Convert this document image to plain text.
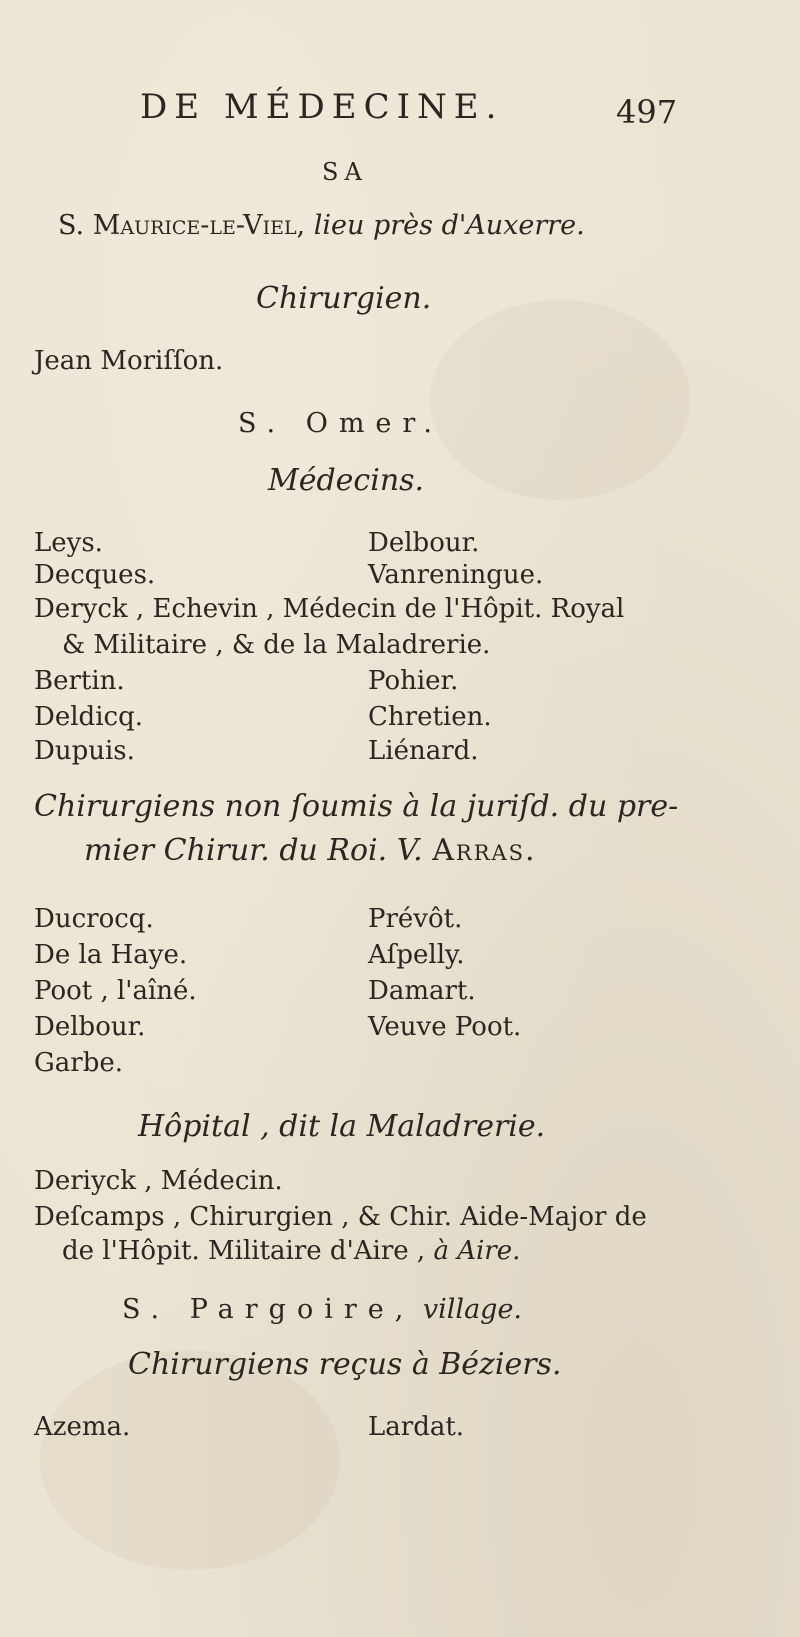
DE MÉDECINE.	497
SA
S. Maurice-le-Viel, lieu près d'Auxerre.
Chirurgien.
Jean Moriſſon.
S. Omer.
Médecins.
Leys.	Delbour.
Decques.	Vanreningue.
Deryck , Echevin , Médecin de l'Hôpit. Royal
& Militaire , & de la Maladrerie.
Bertin.	Pohier.
Deldicq.	Chretien.
Dupuis.	Liénard.
Chirurgiens non ſoumis à la juriſd. du pre-
mier Chirur. du Roi. V. Arras.
Ducrocq.	Prévôt.
De la Haye.	Aſpelly.
Poot , l'aîné.	Damart.
Delbour.	Veuve Poot.
Garbe.
Hôpital , dit la Maladrerie.
Deriyck , Médecin.
Deſcamps , Chirurgien , & Chir. Aide-Major de
de l'Hôpit. Militaire d'Aire , à Aire.
S. Pargoire, village.
Chirurgiens reçus à Béziers.
Azema.	Lardat.
